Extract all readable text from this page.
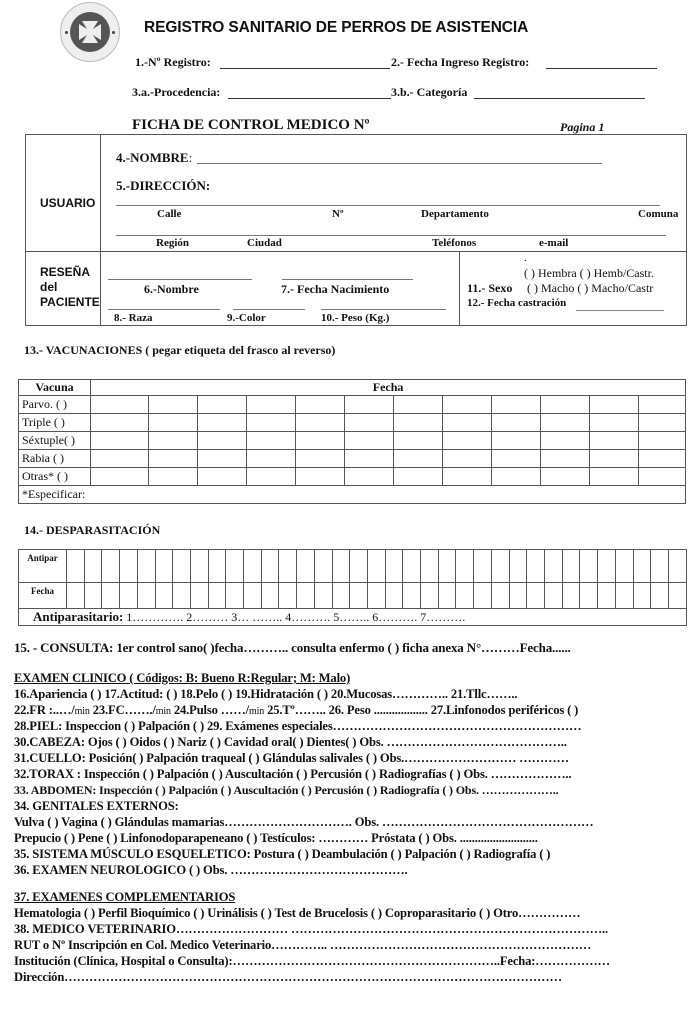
REGISTRO SANITARIO DE PERROS DE ASISTENCIA
1.-Nº Registro:	2.- Fecha Ingreso Registro:
3.a.-Procedencia:	3.b.- Categoría
FICHA DE CONTROL MEDICO Nº	Pagina 1
USUARIO
4.-NOMBRE:
5.-DIRECCIÓN:
Calle	Nº	Departamento	Comuna
Región	Ciudad	Teléfonos	e-mail
RESEÑA
del
PACIENTE
6.-Nombre	7.- Fecha Nacimiento
8.- Raza	9.-Color	10.- Peso (Kg.)
.
( ) Hembra ( ) Hemb/Castr.
11.- Sexo ( ) Macho ( ) Macho/Castr
12.- Fecha castración
13.- VACUNACIONES ( pegar etiqueta del frasco al reverso)
Vacuna	Fecha											
Parvo. ( )												
Triple ( )												
Séxtuple( )												
Rabia ( )												
Otras* ( )												
*Especificar:												
14.- DESPARASITACIÓN
Antipar																																			
Fecha																																			
Antiparasitario: 1…………. 2……… 3… …….. 4………. 5…….. 6………. 7……….																																			
15. - CONSULTA: 1er control sano( )fecha……….. consulta enfermo ( ) ficha anexa N°………Fecha......
EXAMEN CLINICO ( Códigos: B: Bueno R:Regular; M: Malo)
16.Apariencia ( ) 17.Actitud: ( ) 18.Pelo ( ) 19.Hidratación ( ) 20.Mucosas………….. 21.Tllc……..
22.FR :..…/min 23.FC……./min 24.Pulso ……/min 25.Tº…….. 26. Peso .................. 27.Linfonodos periféricos ( )
28.PIEL: Inspeccion ( ) Palpación ( ) 29. Exámenes especiales……………………………………………………
30.CABEZA: Ojos ( ) Oidos ( ) Nariz ( ) Cavidad oral( ) Dientes( ) Obs. ……………………………………..
31.CUELLO: Posición( ) Palpación traqueal ( ) Glándulas salivales ( ) Obs.……………………… …………
32.TORAX : Inspección ( ) Palpación ( ) Auscultación ( ) Percusión ( ) Radiografías ( ) Obs. ………………..
33. ABDOMEN: Inspección ( ) Palpación ( ) Auscultación ( ) Percusión ( ) Radiografía ( ) Obs. ………………..
34. GENITALES EXTERNOS:
Vulva ( ) Vagina ( ) Glándulas mamarias…………………………. Obs. ……………………………………………
Prepucio ( ) Pene ( ) Linfonodoparapeneano ( ) Testículos: ………… Próstata ( ) Obs. ..........................
35. SISTEMA MÚSCULO ESQUELETICO: Postura ( ) Deambulación ( ) Palpación ( ) Radiografía ( )
36. EXAMEN NEUROLOGICO ( ) Obs. …………………………………….
37. EXAMENES COMPLEMENTARIOS
Hematologia ( ) Perfil Bioquímico ( ) Urinálisis ( ) Test de Brucelosis ( ) Coproparasitario ( ) Otro……………
38. MEDICO VETERINARIO……………………… …………………………………………………………………..
RUT o Nº Inscripción en Col. Medico Veterinario………….. ………………………………………………………
Institución (Clínica, Hospital o Consulta):………………………………………………………..Fecha:………………
Dirección…………………………………………………………………………………………………………
